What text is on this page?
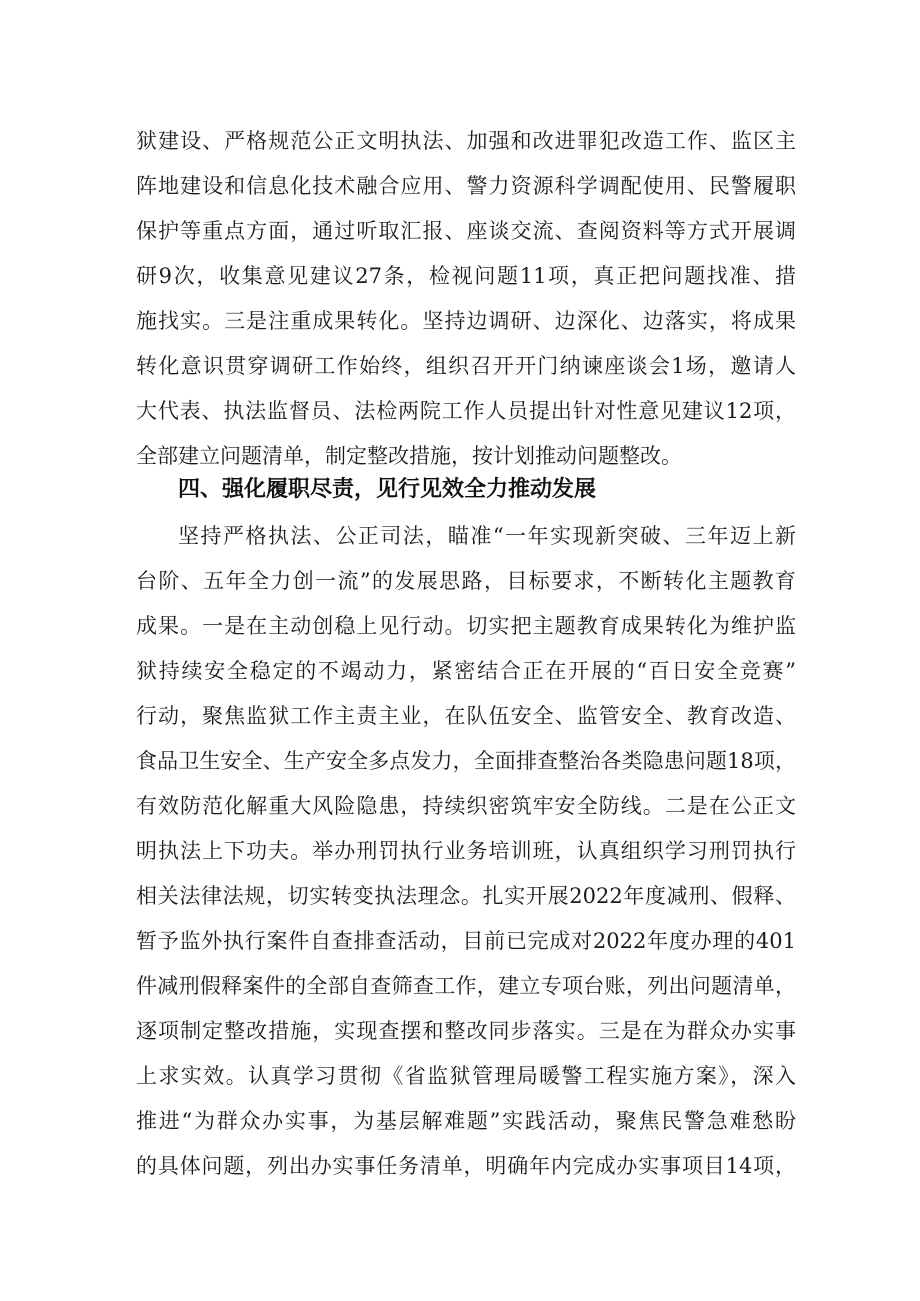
狱建设、严格规范公正文明执法、加强和改进罪犯改造工作、监区主
阵地建设和信息化技术融合应用、警力资源科学调配使用、民警履职
保护等重点方面，通过听取汇报、座谈交流、查阅资料等方式开展调
研9次，收集意见建议27条，检视问题11项，真正把问题找准、措
施找实。三是注重成果转化。坚持边调研、边深化、边落实，将成果
转化意识贯穿调研工作始终，组织召开开门纳谏座谈会1场，邀请人
大代表、执法监督员、法检两院工作人员提出针对性意见建议12项，
全部建立问题清单，制定整改措施，按计划推动问题整改。
四、强化履职尽责，见行见效全力推动发展
坚持严格执法、公正司法，瞄准“一年实现新突破、三年迈上新
台阶、五年全力创一流”的发展思路，目标要求，不断转化主题教育
成果。一是在主动创稳上见行动。切实把主题教育成果转化为维护监
狱持续安全稳定的不竭动力，紧密结合正在开展的“百日安全竞赛”
行动，聚焦监狱工作主责主业，在队伍安全、监管安全、教育改造、
食品卫生安全、生产安全多点发力，全面排查整治各类隐患问题18项，
有效防范化解重大风险隐患，持续织密筑牢安全防线。二是在公正文
明执法上下功夫。举办刑罚执行业务培训班，认真组织学习刑罚执行
相关法律法规，切实转变执法理念。扎实开展2022年度减刑、假释、
暂予监外执行案件自查排查活动，目前已完成对2022年度办理的401
件减刑假释案件的全部自查筛查工作，建立专项台账，列出问题清单，
逐项制定整改措施，实现查摆和整改同步落实。三是在为群众办实事
上求实效。认真学习贯彻《省监狱管理局暖警工程实施方案》，深入
推进“为群众办实事，为基层解难题”实践活动，聚焦民警急难愁盼
的具体问题，列出办实事任务清单，明确年内完成办实事项目14项，
